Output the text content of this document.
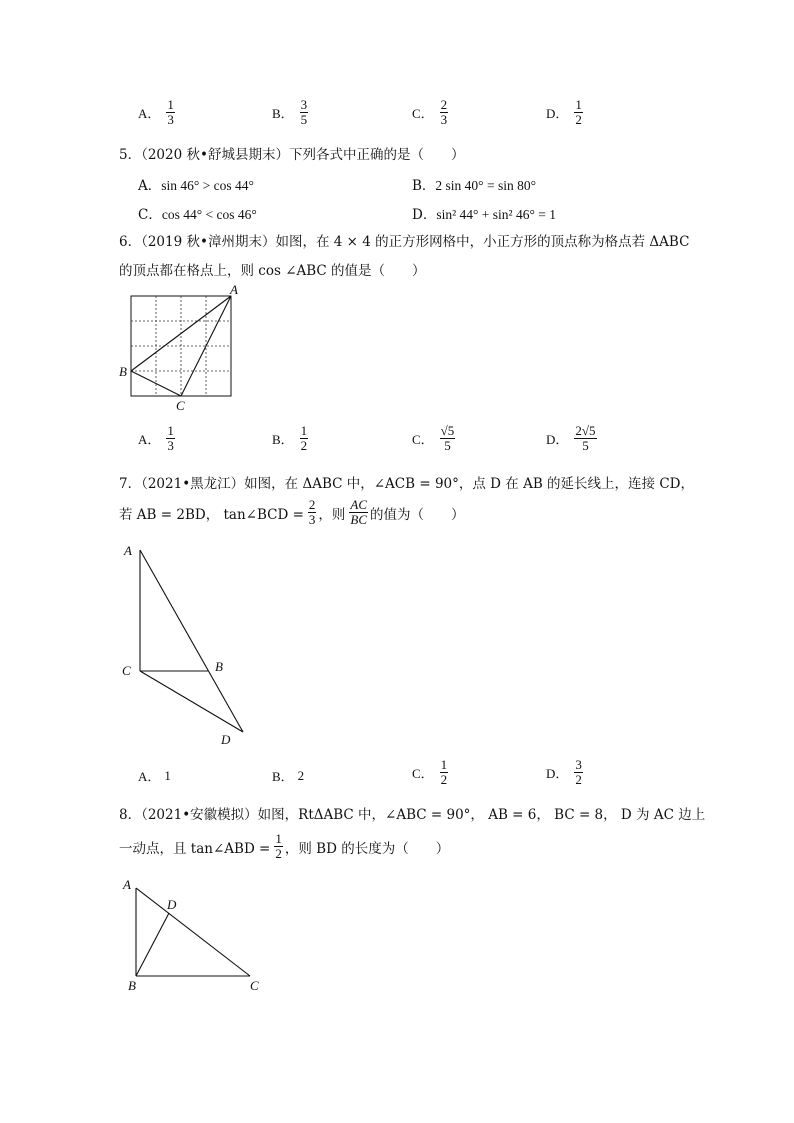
A． $\frac{1}{3}$	B． $\frac{3}{5}$	C． $\frac{2}{3}$	D． $\frac{1}{2}$
5．（2020 秋•舒城县期末）下列各式中正确的是（　　）
A．sin 46° > cos 44°	B．2 sin 40° = sin 80°
C．cos 44° < cos 46°	D．sin² 44° + sin² 46° = 1
6．（2019 秋•漳州期末）如图，在 4 × 4 的正方形网格中，小正方形的顶点称为格点若 ΔABC
的顶点都在格点上，则 cos ∠ABC 的值是（　　）
A
B
C
A． $\frac{1}{3}$	B． $\frac{1}{2}$	C． $\frac{√5}{5}$	D． $\frac{2√5}{5}$
7．（2021•黑龙江）如图，在 ΔABC 中，∠ACB = 90°，点 D 在 AB 的延长线上，连接 CD，
若 AB = 2BD， tan∠BCD = $\frac{2}{3}$ ，则 $\frac{AC}{BC}$ 的值为（　　）
A
B
C
D
A． 1	B． 2	C． $\frac{1}{2}$	D． $\frac{3}{2}$
8．（2021•安徽模拟）如图，RtΔABC 中，∠ABC = 90°， AB = 6， BC = 8， D 为 AC 边上
一动点，且 tan∠ABD = $\frac{1}{2}$ ，则 BD 的长度为（　　）
A
D
B	C
